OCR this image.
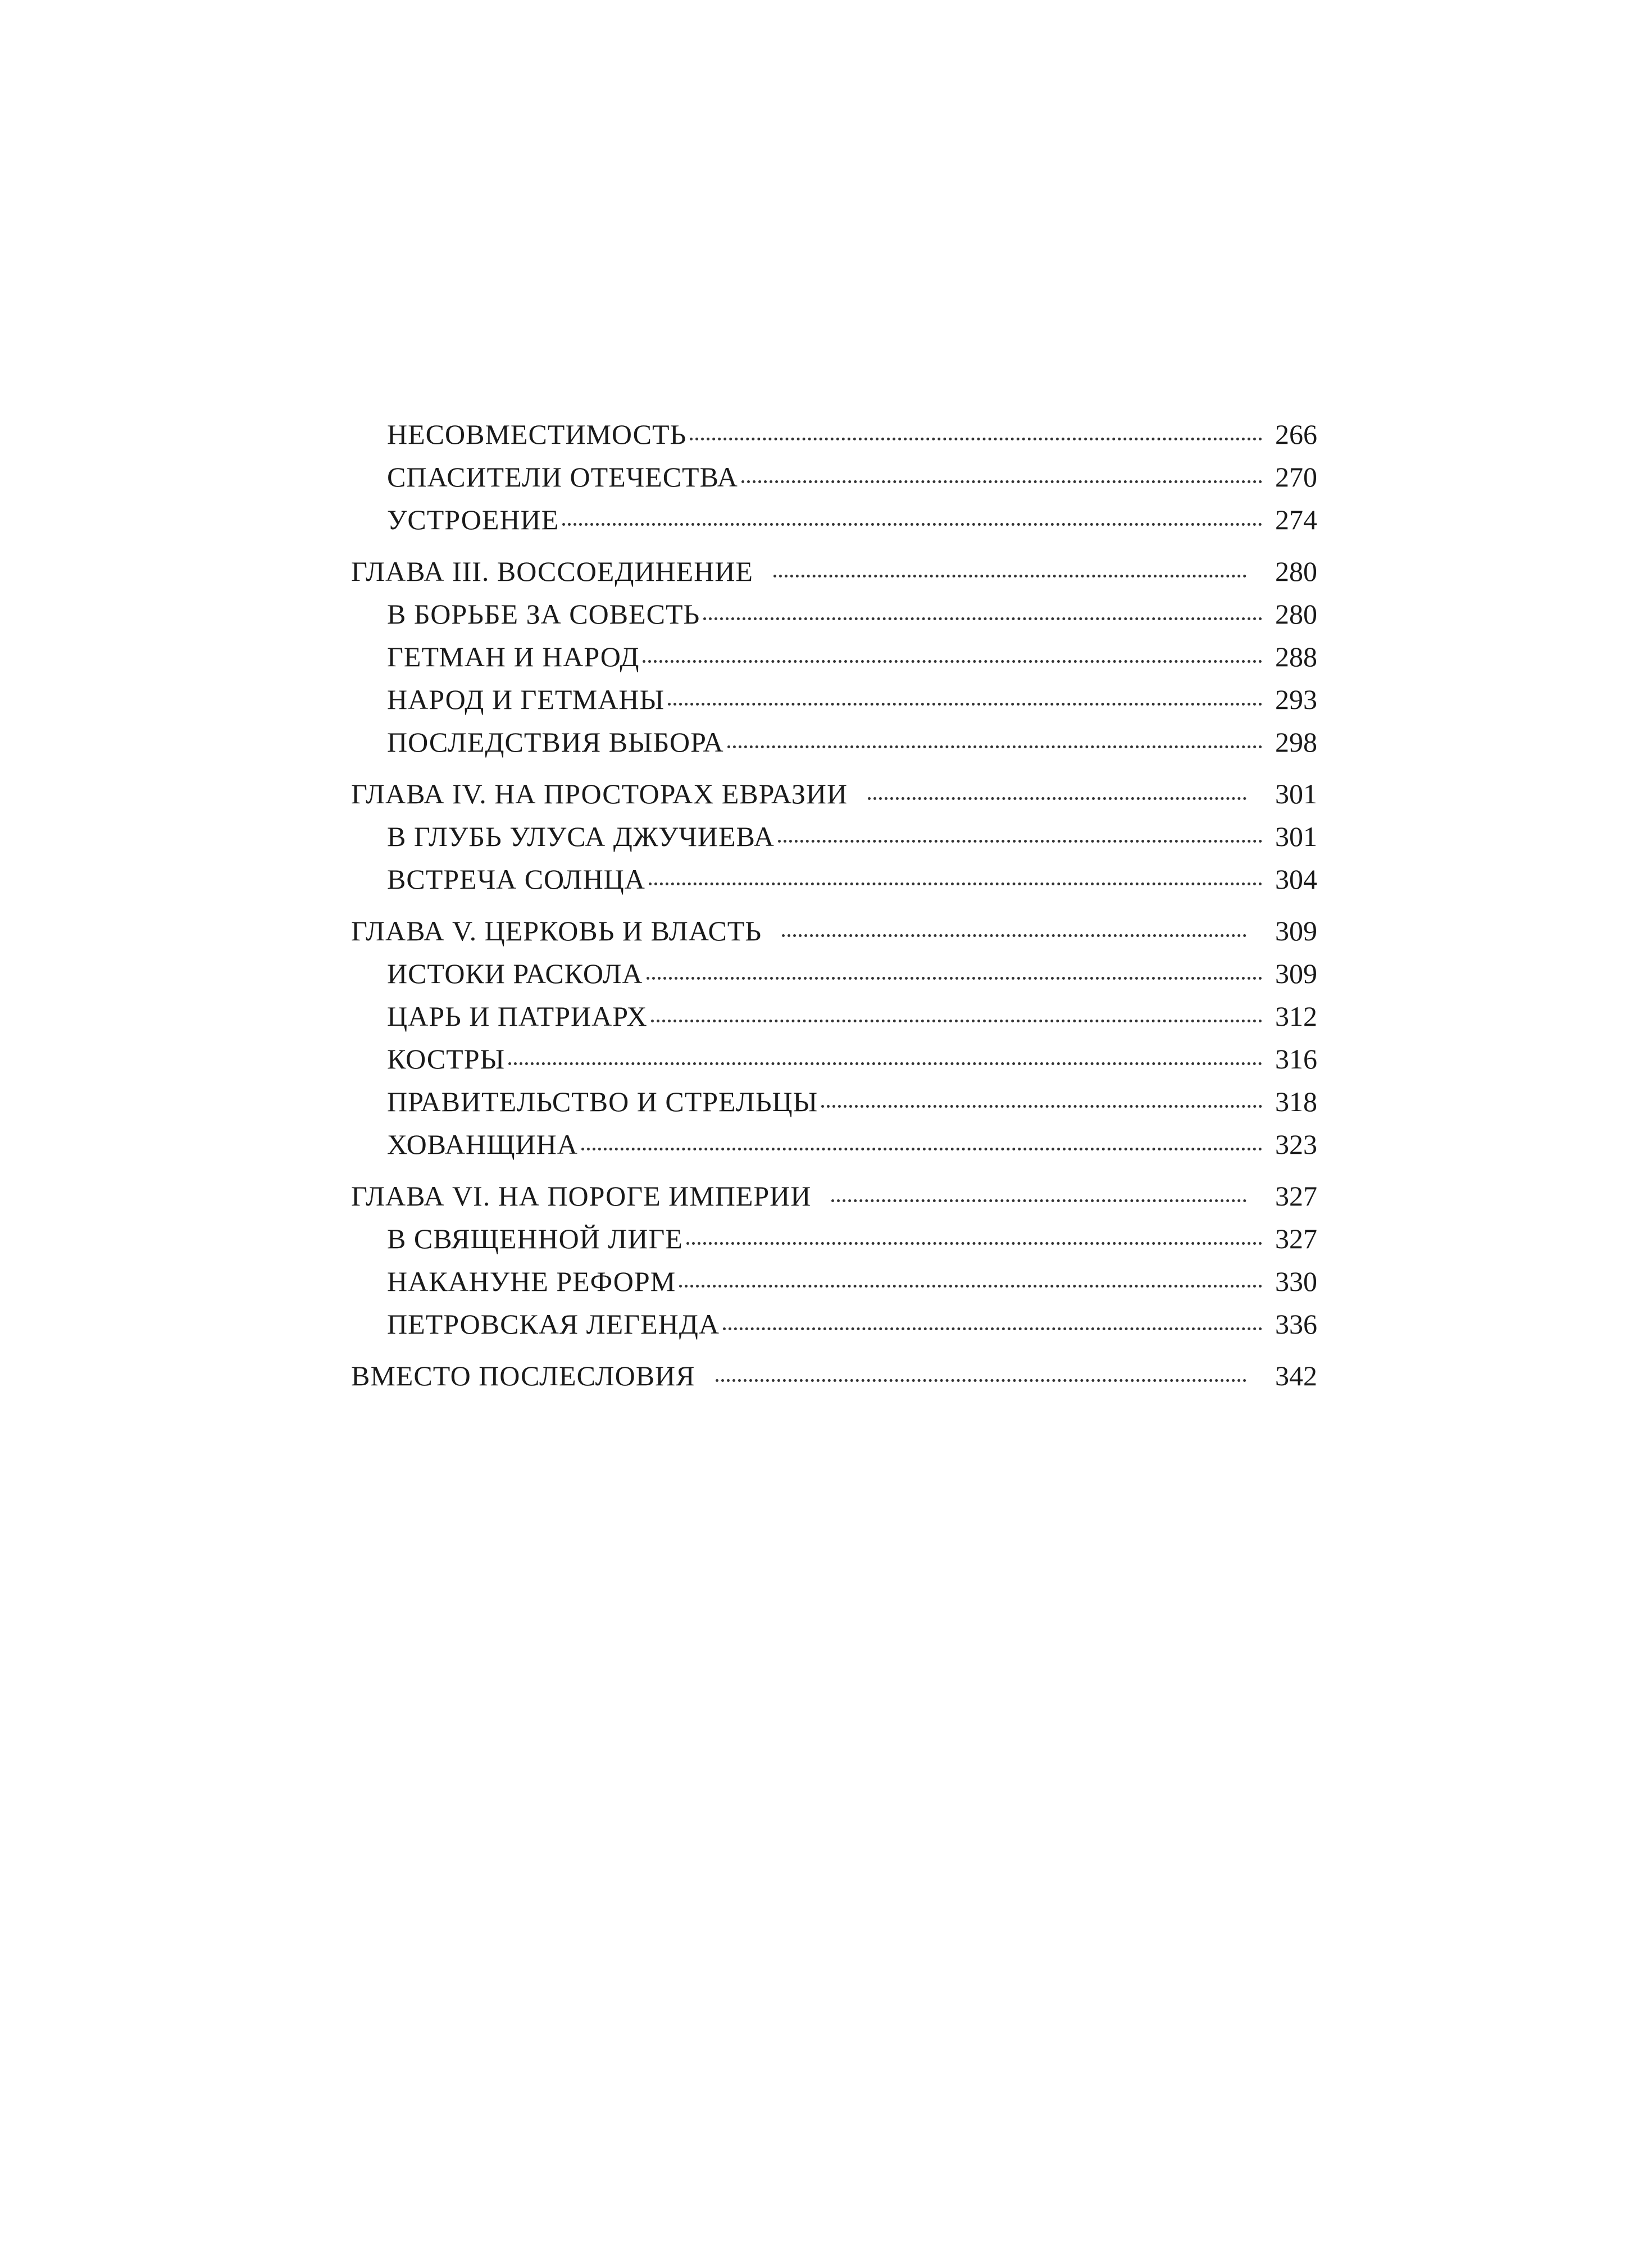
НЕСОВМЕСТИМОСТЬ	266
СПАСИТЕЛИ ОТЕЧЕСТВА	270
УСТРОЕНИЕ	274
ГЛАВА III. ВОССОЕДИНЕНИЕ	280
В БОРЬБЕ ЗА СОВЕСТЬ	280
ГЕТМАН И НАРОД	288
НАРОД И ГЕТМАНЫ	293
ПОСЛЕДСТВИЯ ВЫБОРА	298
ГЛАВА IV. НА ПРОСТОРАХ ЕВРАЗИИ	301
В ГЛУБЬ УЛУСА ДЖУЧИЕВА	301
ВСТРЕЧА СОЛНЦА	304
ГЛАВА V. ЦЕРКОВЬ И ВЛАСТЬ	309
ИСТОКИ РАСКОЛА	309
ЦАРЬ И ПАТРИАРХ	312
КОСТРЫ	316
ПРАВИТЕЛЬСТВО И СТРЕЛЬЦЫ	318
ХОВАНЩИНА	323
ГЛАВА VI. НА ПОРОГЕ ИМПЕРИИ	327
В СВЯЩЕННОЙ ЛИГЕ	327
НАКАНУНЕ РЕФОРМ	330
ПЕТРОВСКАЯ ЛЕГЕНДА	336
ВМЕСТО ПОСЛЕСЛОВИЯ	342
